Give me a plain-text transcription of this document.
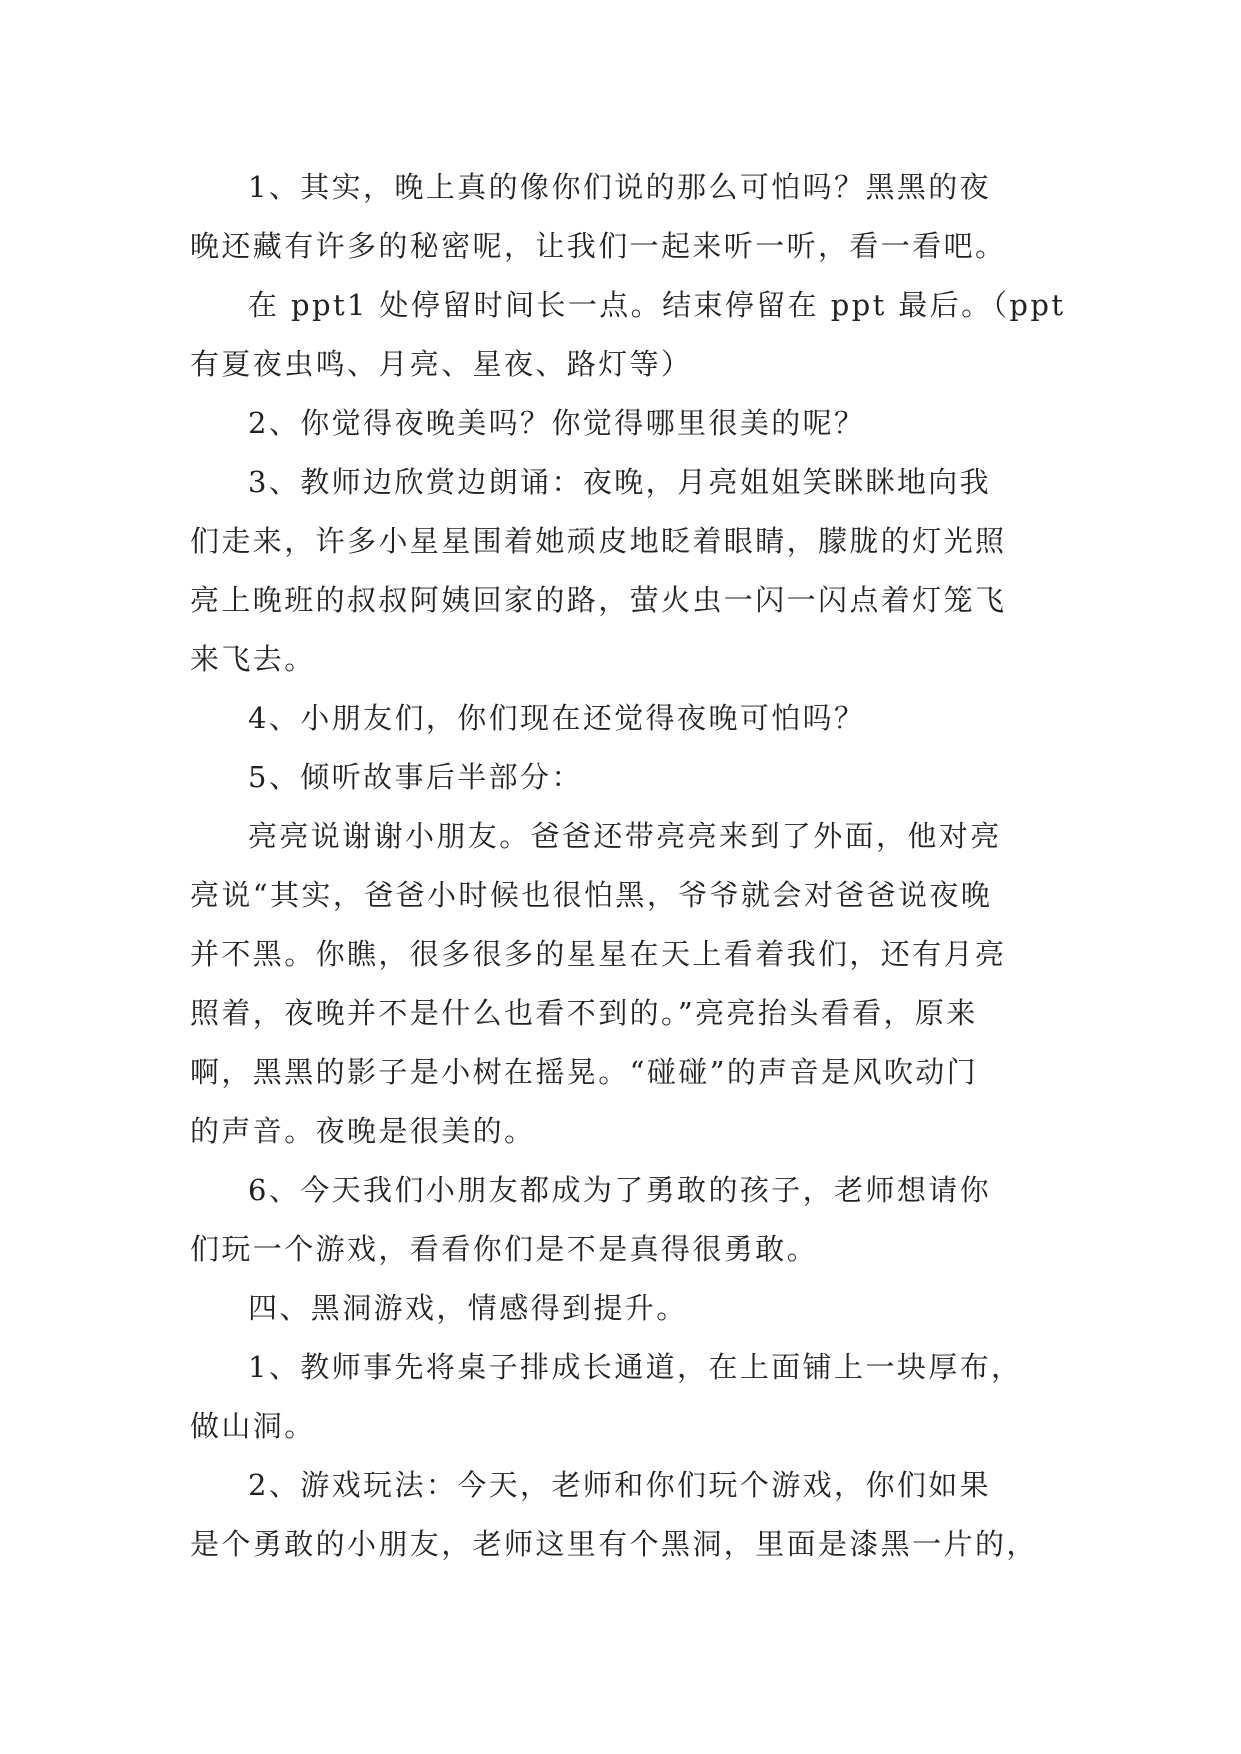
1、其实，晚上真的像你们说的那么可怕吗？黑黑的夜
晚还藏有许多的秘密呢，让我们一起来听一听，看一看吧。
在 ppt1 处停留时间长一点。结束停留在 ppt 最后。（ppt
有夏夜虫鸣、月亮、星夜、路灯等）
2、你觉得夜晚美吗？你觉得哪里很美的呢？
3、教师边欣赏边朗诵：夜晚，月亮姐姐笑眯眯地向我
们走来，许多小星星围着她顽皮地眨着眼睛，朦胧的灯光照
亮上晚班的叔叔阿姨回家的路，萤火虫一闪一闪点着灯笼飞
来飞去。
4、小朋友们，你们现在还觉得夜晚可怕吗？
5、倾听故事后半部分：
亮亮说谢谢小朋友。爸爸还带亮亮来到了外面，他对亮
亮说“其实，爸爸小时候也很怕黑，爷爷就会对爸爸说夜晚
并不黑。你瞧，很多很多的星星在天上看着我们，还有月亮
照着，夜晚并不是什么也看不到的。”亮亮抬头看看，原来
啊，黑黑的影子是小树在摇晃。“碰碰”的声音是风吹动门
的声音。夜晚是很美的。
6、今天我们小朋友都成为了勇敢的孩子，老师想请你
们玩一个游戏，看看你们是不是真得很勇敢。
四、黑洞游戏，情感得到提升。
1、教师事先将桌子排成长通道，在上面铺上一块厚布，
做山洞。
2、游戏玩法：今天，老师和你们玩个游戏，你们如果
是个勇敢的小朋友，老师这里有个黑洞，里面是漆黑一片的，
